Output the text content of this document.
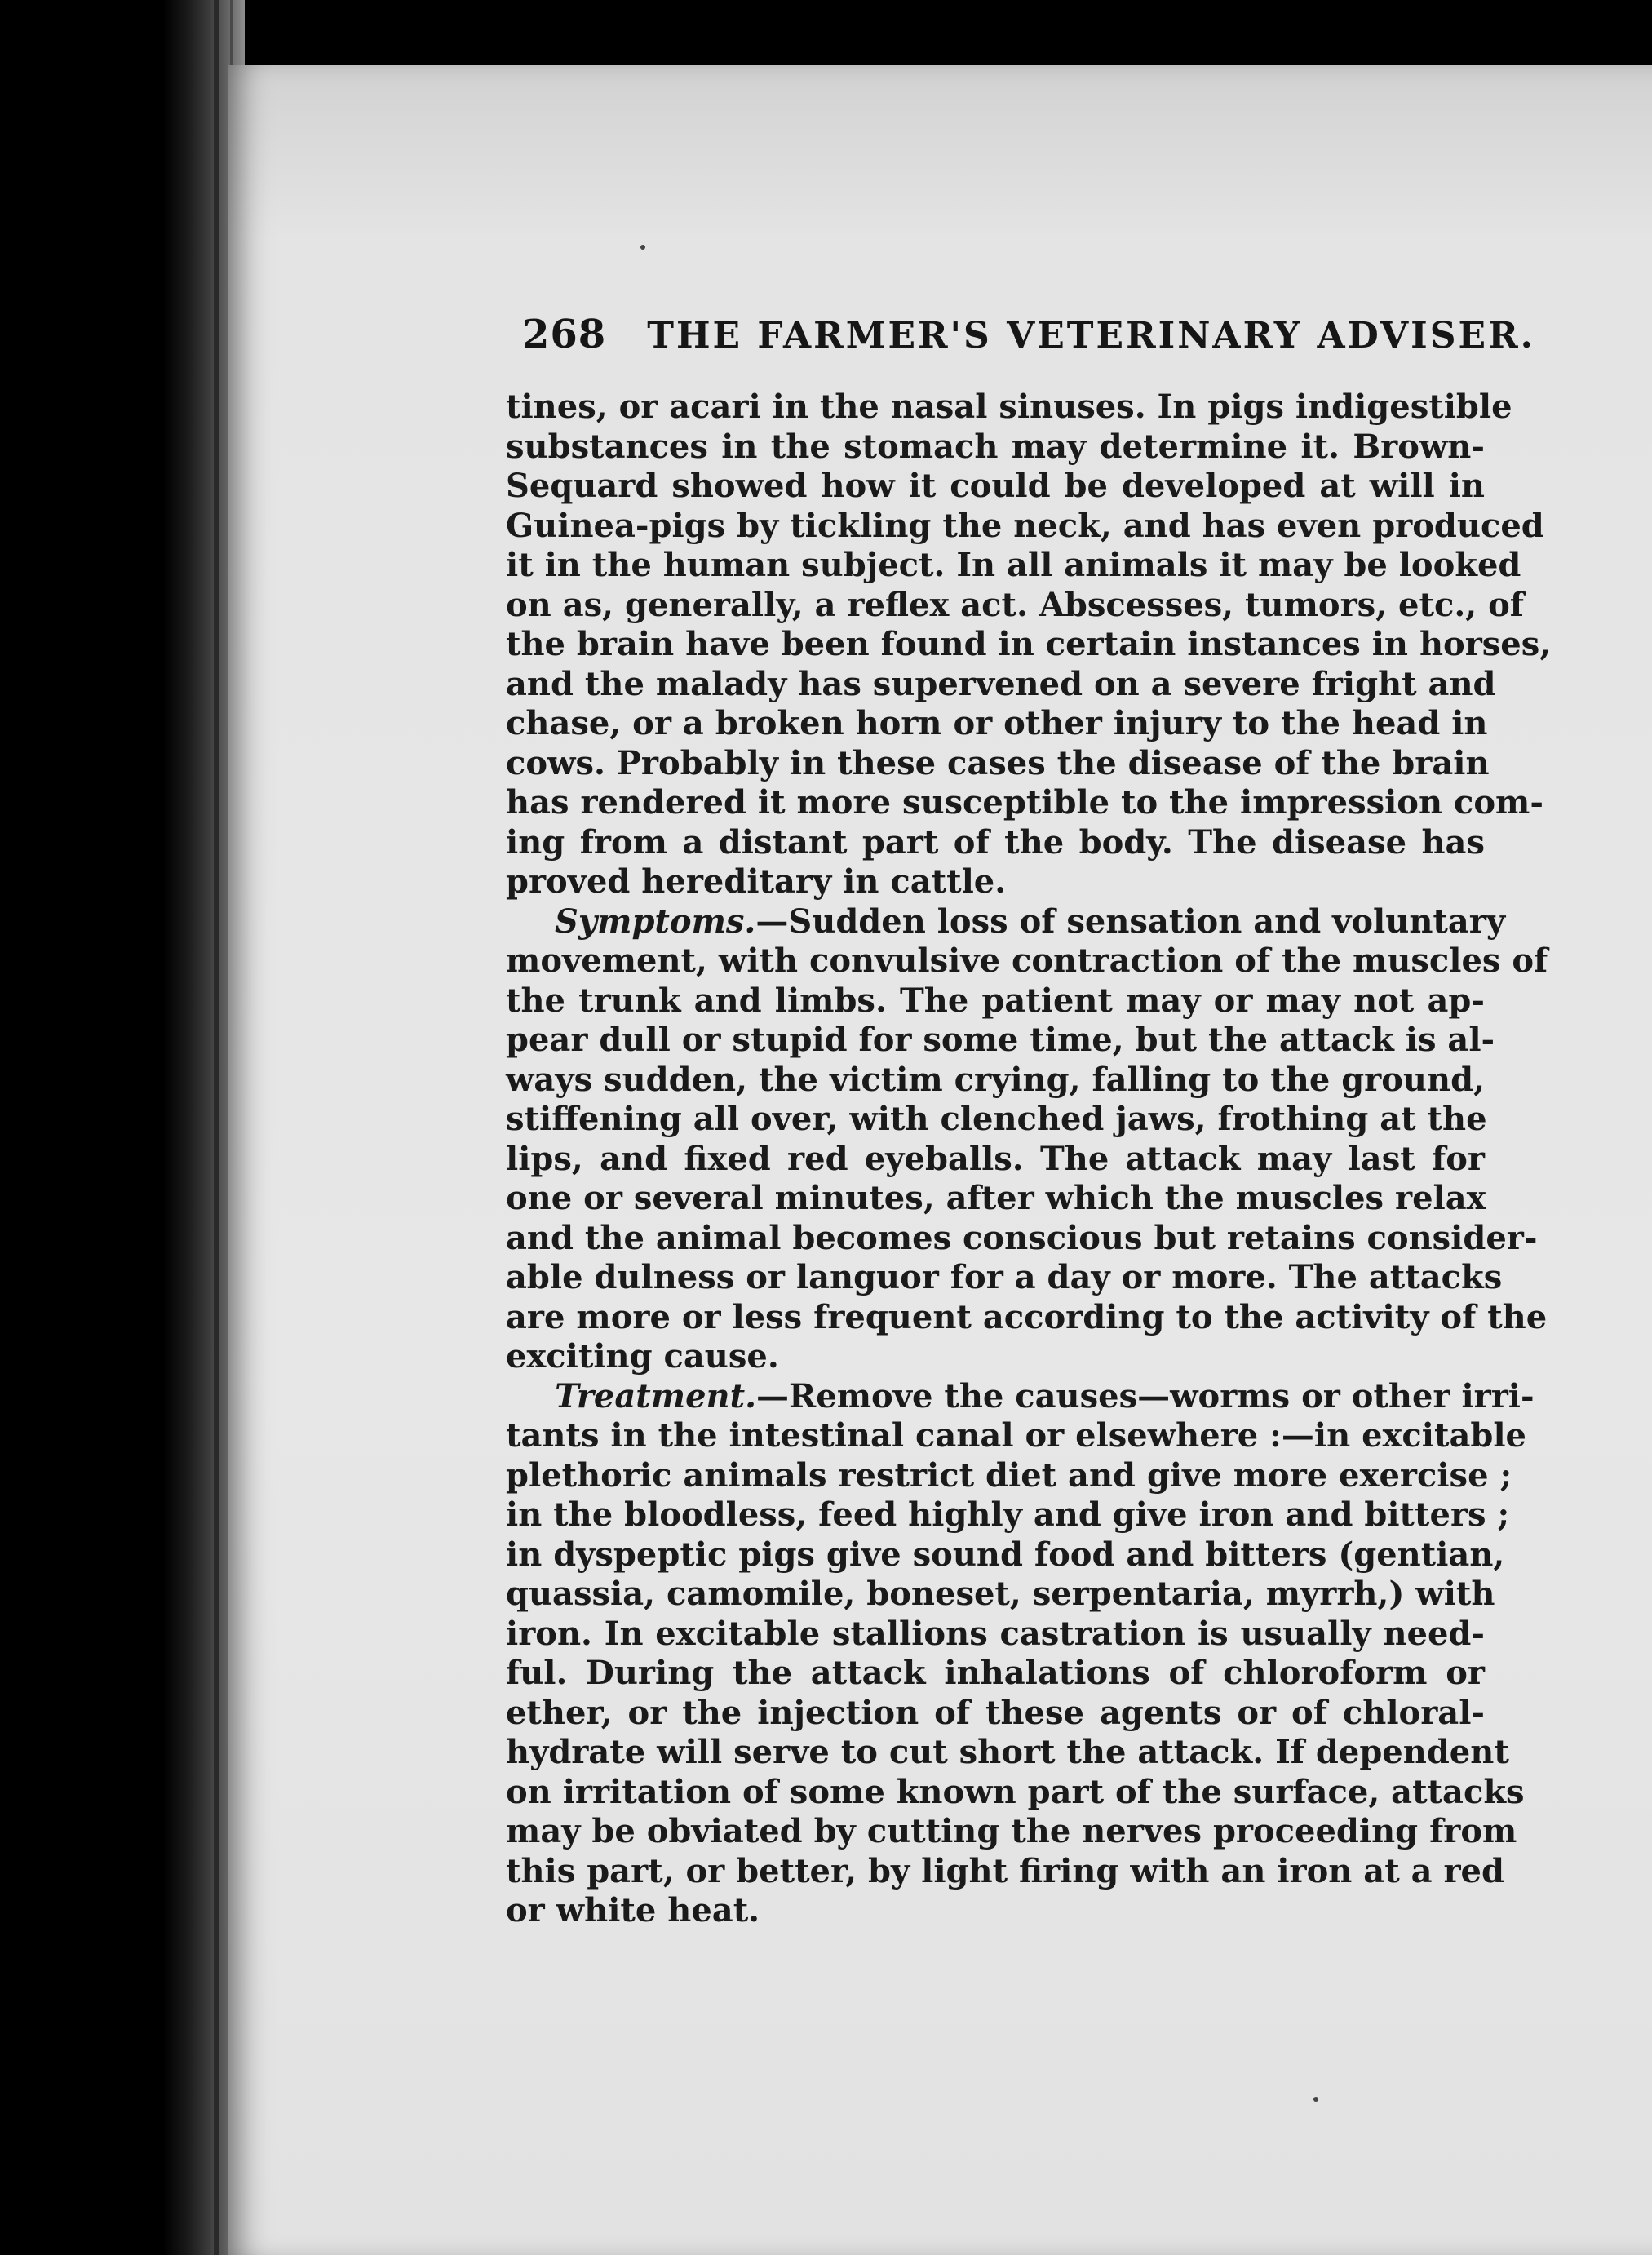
268 THE FARMER'S VETERINARY ADVISER.
tines, or acari in the nasal sinuses. In pigs indigestible
substances in the stomach may determine it. Brown-
Sequard showed how it could be developed at will in
Guinea-pigs by tickling the neck, and has even produced
it in the human subject. In all animals it may be looked
on as, generally, a reflex act. Abscesses, tumors, etc., of
the brain have been found in certain instances in horses,
and the malady has supervened on a severe fright and
chase, or a broken horn or other injury to the head in
cows. Probably in these cases the disease of the brain
has rendered it more susceptible to the impression com-
ing from a distant part of the body. The disease has
proved hereditary in cattle.
Symptoms.—Sudden loss of sensation and voluntary
movement, with convulsive contraction of the muscles of
the trunk and limbs. The patient may or may not ap-
pear dull or stupid for some time, but the attack is al-
ways sudden, the victim crying, falling to the ground,
stiffening all over, with clenched jaws, frothing at the
lips, and fixed red eyeballs. The attack may last for
one or several minutes, after which the muscles relax
and the animal becomes conscious but retains consider-
able dulness or languor for a day or more. The attacks
are more or less frequent according to the activity of the
exciting cause.
Treatment.—Remove the causes—worms or other irri-
tants in the intestinal canal or elsewhere :—in excitable
plethoric animals restrict diet and give more exercise ;
in the bloodless, feed highly and give iron and bitters ;
in dyspeptic pigs give sound food and bitters (gentian,
quassia, camomile, boneset, serpentaria, myrrh,) with
iron. In excitable stallions castration is usually need-
ful. During the attack inhalations of chloroform or
ether, or the injection of these agents or of chloral-
hydrate will serve to cut short the attack. If dependent
on irritation of some known part of the surface, attacks
may be obviated by cutting the nerves proceeding from
this part, or better, by light firing with an iron at a red
or white heat.
